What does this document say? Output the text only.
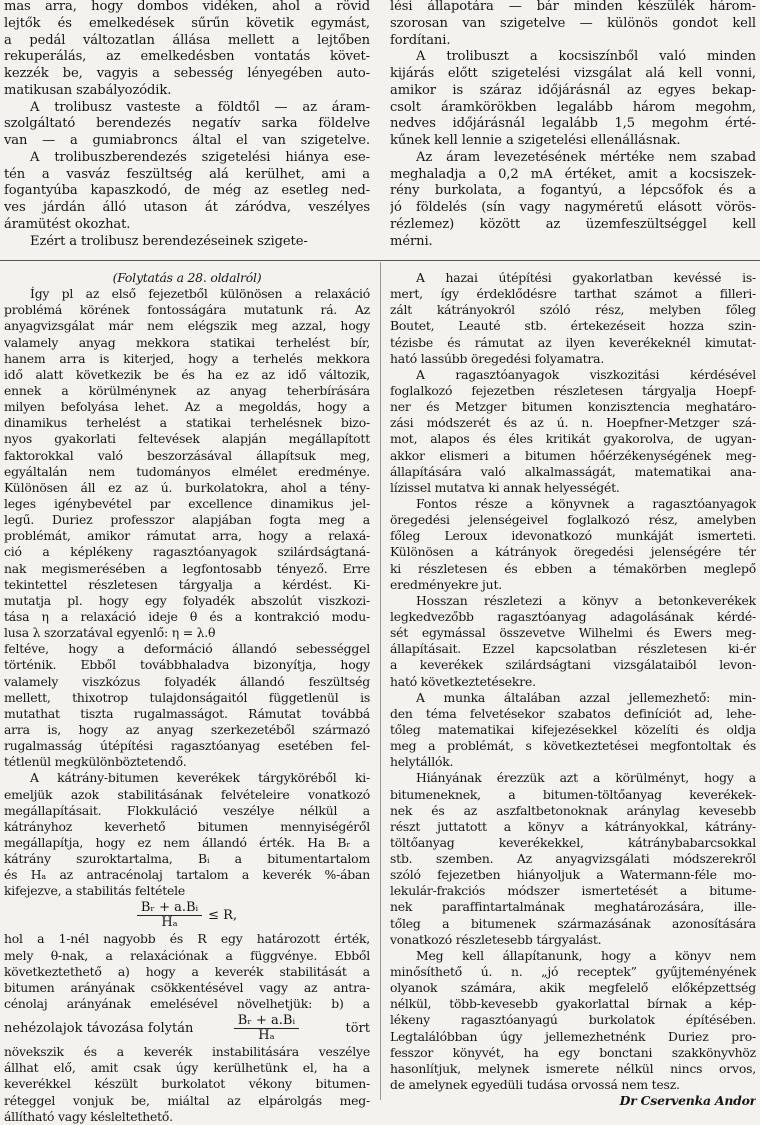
mas arra, hogy dombos vidéken, ahol a rövid

lejtők és emelkedések sűrűn követik egymást,

a pedál változatlan állása mellett a lejtőben

rekuperálás, az emelkedésben vontatás követ-

kezzék be, vagyis a sebesség lényegében auto-

matikusan szabályozódik.

A trolibusz vasteste a földtől — az áram-

szolgáltató berendezés negatív sarka földelve

van — a gumiabroncs által el van szigetelve.

A trolibuszberendezés szigetelési hiánya ese-

tén a vasváz feszültség alá kerülhet, ami a

fogantyúba kapaszkodó, de még az esetleg ned-

ves járdán álló utason át záródva, veszélyes

áramütést okozhat.

Ezért a trolibusz berendezéseinek szigete-

lési állapotára — bár minden készülék három-

szorosan van szigetelve — különös gondot kell

fordítani.

A trolibuszt a kocsiszínből való minden

kijárás előtt szigetelési vizsgálat alá kell vonni,

amikor is száraz időjárásnál az egyes bekap-

csolt áramkörökben legalább három megohm,

nedves időjárásnál legalább 1,5 megohm érté-

kűnek kell lennie a szigetelési ellenállásnak.

Az áram levezetésének mértéke nem szabad

meghaladja a 0,2 mA értéket, amit a kocsiszek-

rény burkolata, a fogantyú, a lépcsőfok és a

jó földelés (sín vagy nagyméretű elásott vörös-

rézlemez) között az üzemfeszültséggel kell

mérni.

(Folytatás a 28. oldalról)

Így pl az első fejezetből különösen a relaxáció

problémá körének fontosságára mutatunk rá. Az

anyagvizsgálat már nem elégszik meg azzal, hogy

valamely anyag mekkora statikai terhelést bír,

hanem arra is kiterjed, hogy a terhelés mekkora

idő alatt következik be és ha ez az idő változik,

ennek a körülménynek az anyag teherbírására

milyen befolyása lehet. Az a megoldás, hogy a

dinamikus terhelést a statikai terhelésnek bizo-

nyos gyakorlati feltevések alapján megállapított

faktorokkal való beszorzásával állapítsuk meg,

egyáltalán nem tudományos elmélet eredménye.

Különösen áll ez az ú. burkolatokra, ahol a tény-

leges igénybevétel par excellence dinamikus jel-

legű. Duriez professzor alapjában fogta meg a

problémát, amikor rámutat arra, hogy a relaxá-

ció a képlékeny ragasztóanyagok szilárdságtaná-

nak megismerésében a legfontosabb tényező. Erre

tekintettel részletesen tárgyalja a kérdést. Ki-

mutatja pl. hogy egy folyadék abszolút viszkozi-

tása η a relaxáció ideje θ és a kontrakció modu-

lusa λ szorzatával egyenlő: η = λ.θ

feltéve, hogy a deformáció állandó sebességgel

történik. Ebből továbbhaladva bizonyítja, hogy

valamely viszkózus folyadék állandó feszültség

mellett, thixotrop tulajdonságaitól függetlenül is

mutathat tiszta rugalmasságot. Rámutat továbbá

arra is, hogy az anyag szerkezetéből származó

rugalmasság útépítési ragasztóanyag esetében fel-

tétlenül megkülönböztetendő.

A kátrány-bitumen keverékek tárgyköréből ki-

emeljük azok stabilitásának felvételeire vonatkozó

megállapításait. Flokkuláció veszélye nélkül a

kátrányhoz keverhető bitumen mennyiségéről

megállapítja, hogy ez nem állandó érték. Ha Bᵣ a

kátrány szuroktartalma, Bᵢ a bitumentartalom

és Hₐ az antracénolaj tartalom a keverék %-ában

kifejezve, a stabilitás feltétele

$\frac{\text{Bᵣ + a.Bᵢ}}{\text{Hₐ}} \le R$,

hol a 1-nél nagyobb és R egy határozott érték,

mely θ-nak, a relaxációnak a függvénye. Ebből

következtethető a) hogy a keverék stabilitását a

bitumen arányának csökkentésével vagy az antra-

cénolaj arányának emelésével növelhetjük: b) a

nehézolajok távozása folytán	$\frac{\text{Bᵣ + a.Bᵢ}}{\text{Hₐ}}$	tört

növekszik és a keverék instabilitására veszélye

állhat elő, amit csak úgy kerülhetünk el, ha a

keverékkel készült burkolatot vékony bitumen-

réteggel vonjuk be, miáltal az elpárolgás meg-

állítható vagy késleltethető.

A hazai útépítési gyakorlatban kevéssé is-

mert, így érdeklődésre tarthat számot a filleri-

zált kátrányokról szóló rész, melyben főleg

Boutet, Leauté stb. értekezéseit hozza szin-

tézisbe és rámutat az ilyen keverékeknél kimutat-

ható lassúbb öregedési folyamatra.

A ragasztóanyagok viszkozitási kérdésével

foglalkozó fejezetben részletesen tárgyalja Hoepf-

ner és Metzger bitumen konzisztencia meghatáro-

zási módszerét és az ú. n. Hoepfner-Metzger szá-

mot, alapos és éles kritikát gyakorolva, de ugyan-

akkor elismeri a bitumen hőérzékenységének meg-

állapítására való alkalmasságát, matematikai ana-

lízissel mutatva ki annak helyességét.

Fontos része a könyvnek a ragasztóanyagok

öregedési jelenségeivel foglalkozó rész, amelyben

főleg Leroux idevonatkozó munkáját ismerteti.

Különösen a kátrányok öregedési jelenségére tér

ki részletesen és ebben a témakörben meglepő

eredményekre jut.

Hosszan részletezi a könyv a betonkeverékek

legkedvezőbb ragasztóanyag adagolásának kérdé-

sét egymással összevetve Wilhelmi és Ewers meg-

állapításait. Ezzel kapcsolatban részletesen ki-ér

a keverékek szilárdságtani vizsgálataiból levon-

ható következtetésekre.

A munka általában azzal jellemezhető: min-

den téma felvetésekor szabatos definíciót ad, lehe-

tőleg matematikai kifejezésekkel közelíti és oldja

meg a problémát, s következtetései megfontoltak és

helytállók.

Hiányának érezzük azt a körülményt, hogy a

bitumeneknek, a bitumen-töltőanyag keverékek-

nek és az aszfaltbetonoknak aránylag kevesebb

részt juttatott a könyv a kátrányokkal, kátrány-

töltőanyag keverékekkel, kátránybabarcsokkal

stb. szemben. Az anyagvizsgálati módszerekről

szóló fejezetben hiányoljuk a Watermann-féle mo-

lekulár-frakciós módszer ismertetését a bitume-

nek paraffintartalmának meghatározására, ille-

tőleg a bitumenek származásának azonosítására

vonatkozó részletesebb tárgyalást.

Meg kell állapítanunk, hogy a könyv nem

minősíthető ú. n. „jó receptek” gyűjteményének

olyanok számára, akik megfelelő előképzettség

nélkül, több-kevesebb gyakorlattal bírnak a kép-

lékeny ragasztóanyagú burkolatok építésében.

Legtalálóbban úgy jellemezhetnénk Duriez pro-

fesszor könyvét, ha egy bonctani szakkönyvhöz

hasonlítjuk, melynek ismerete nélkül nincs orvos,

de amelynek egyedüli tudása orvossá nem tesz.

Dr Cservenka Andor
